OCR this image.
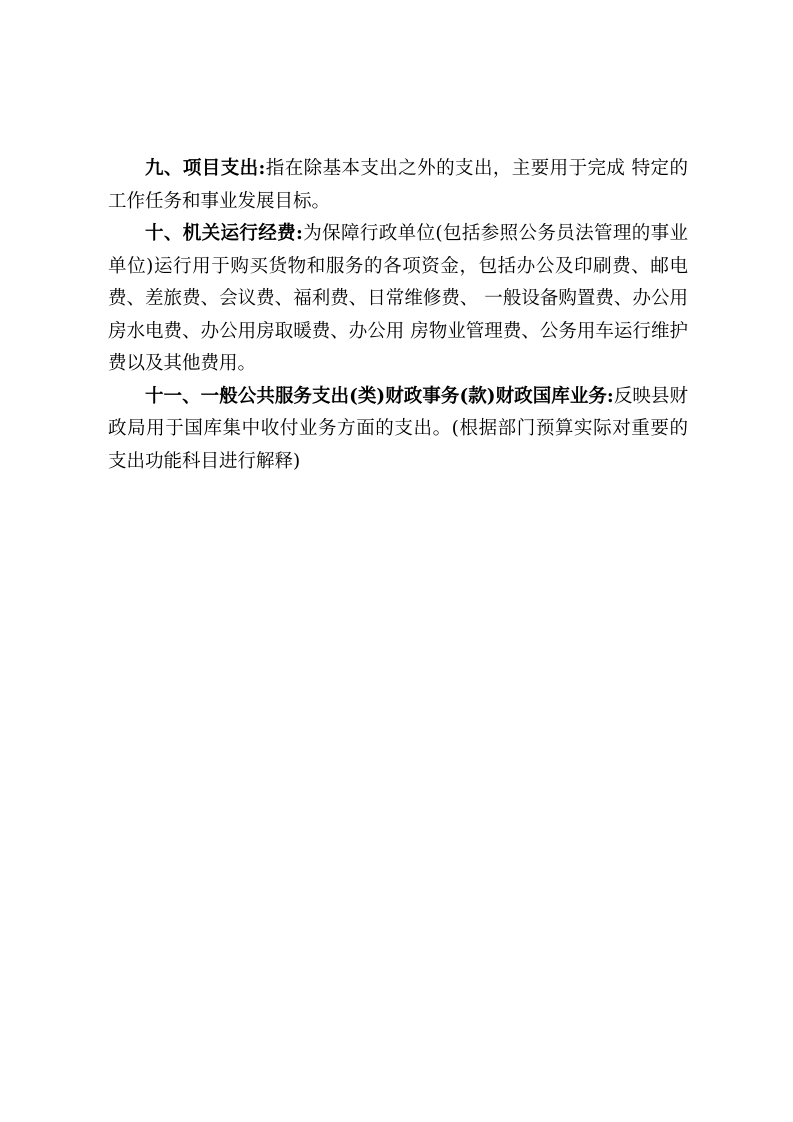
九、项目支出:指在除基本支出之外的支出，主要用于完成 特定的工作任务和事业发展目标。

十、机关运行经费:为保障行政单位(包括参照公务员法管理的事业单位)运行用于购买货物和服务的各项资金，包括办公及印刷费、邮电费、差旅费、会议费、福利费、日常维修费、 一般设备购置费、办公用房水电费、办公用房取暖费、办公用 房物业管理费、公务用车运行维护费以及其他费用。

十一、一般公共服务支出(类)财政事务(款)财政国库业务:反映县财政局用于国库集中收付业务方面的支出。(根据部门预算实际对重要的支出功能科目进行解释)
